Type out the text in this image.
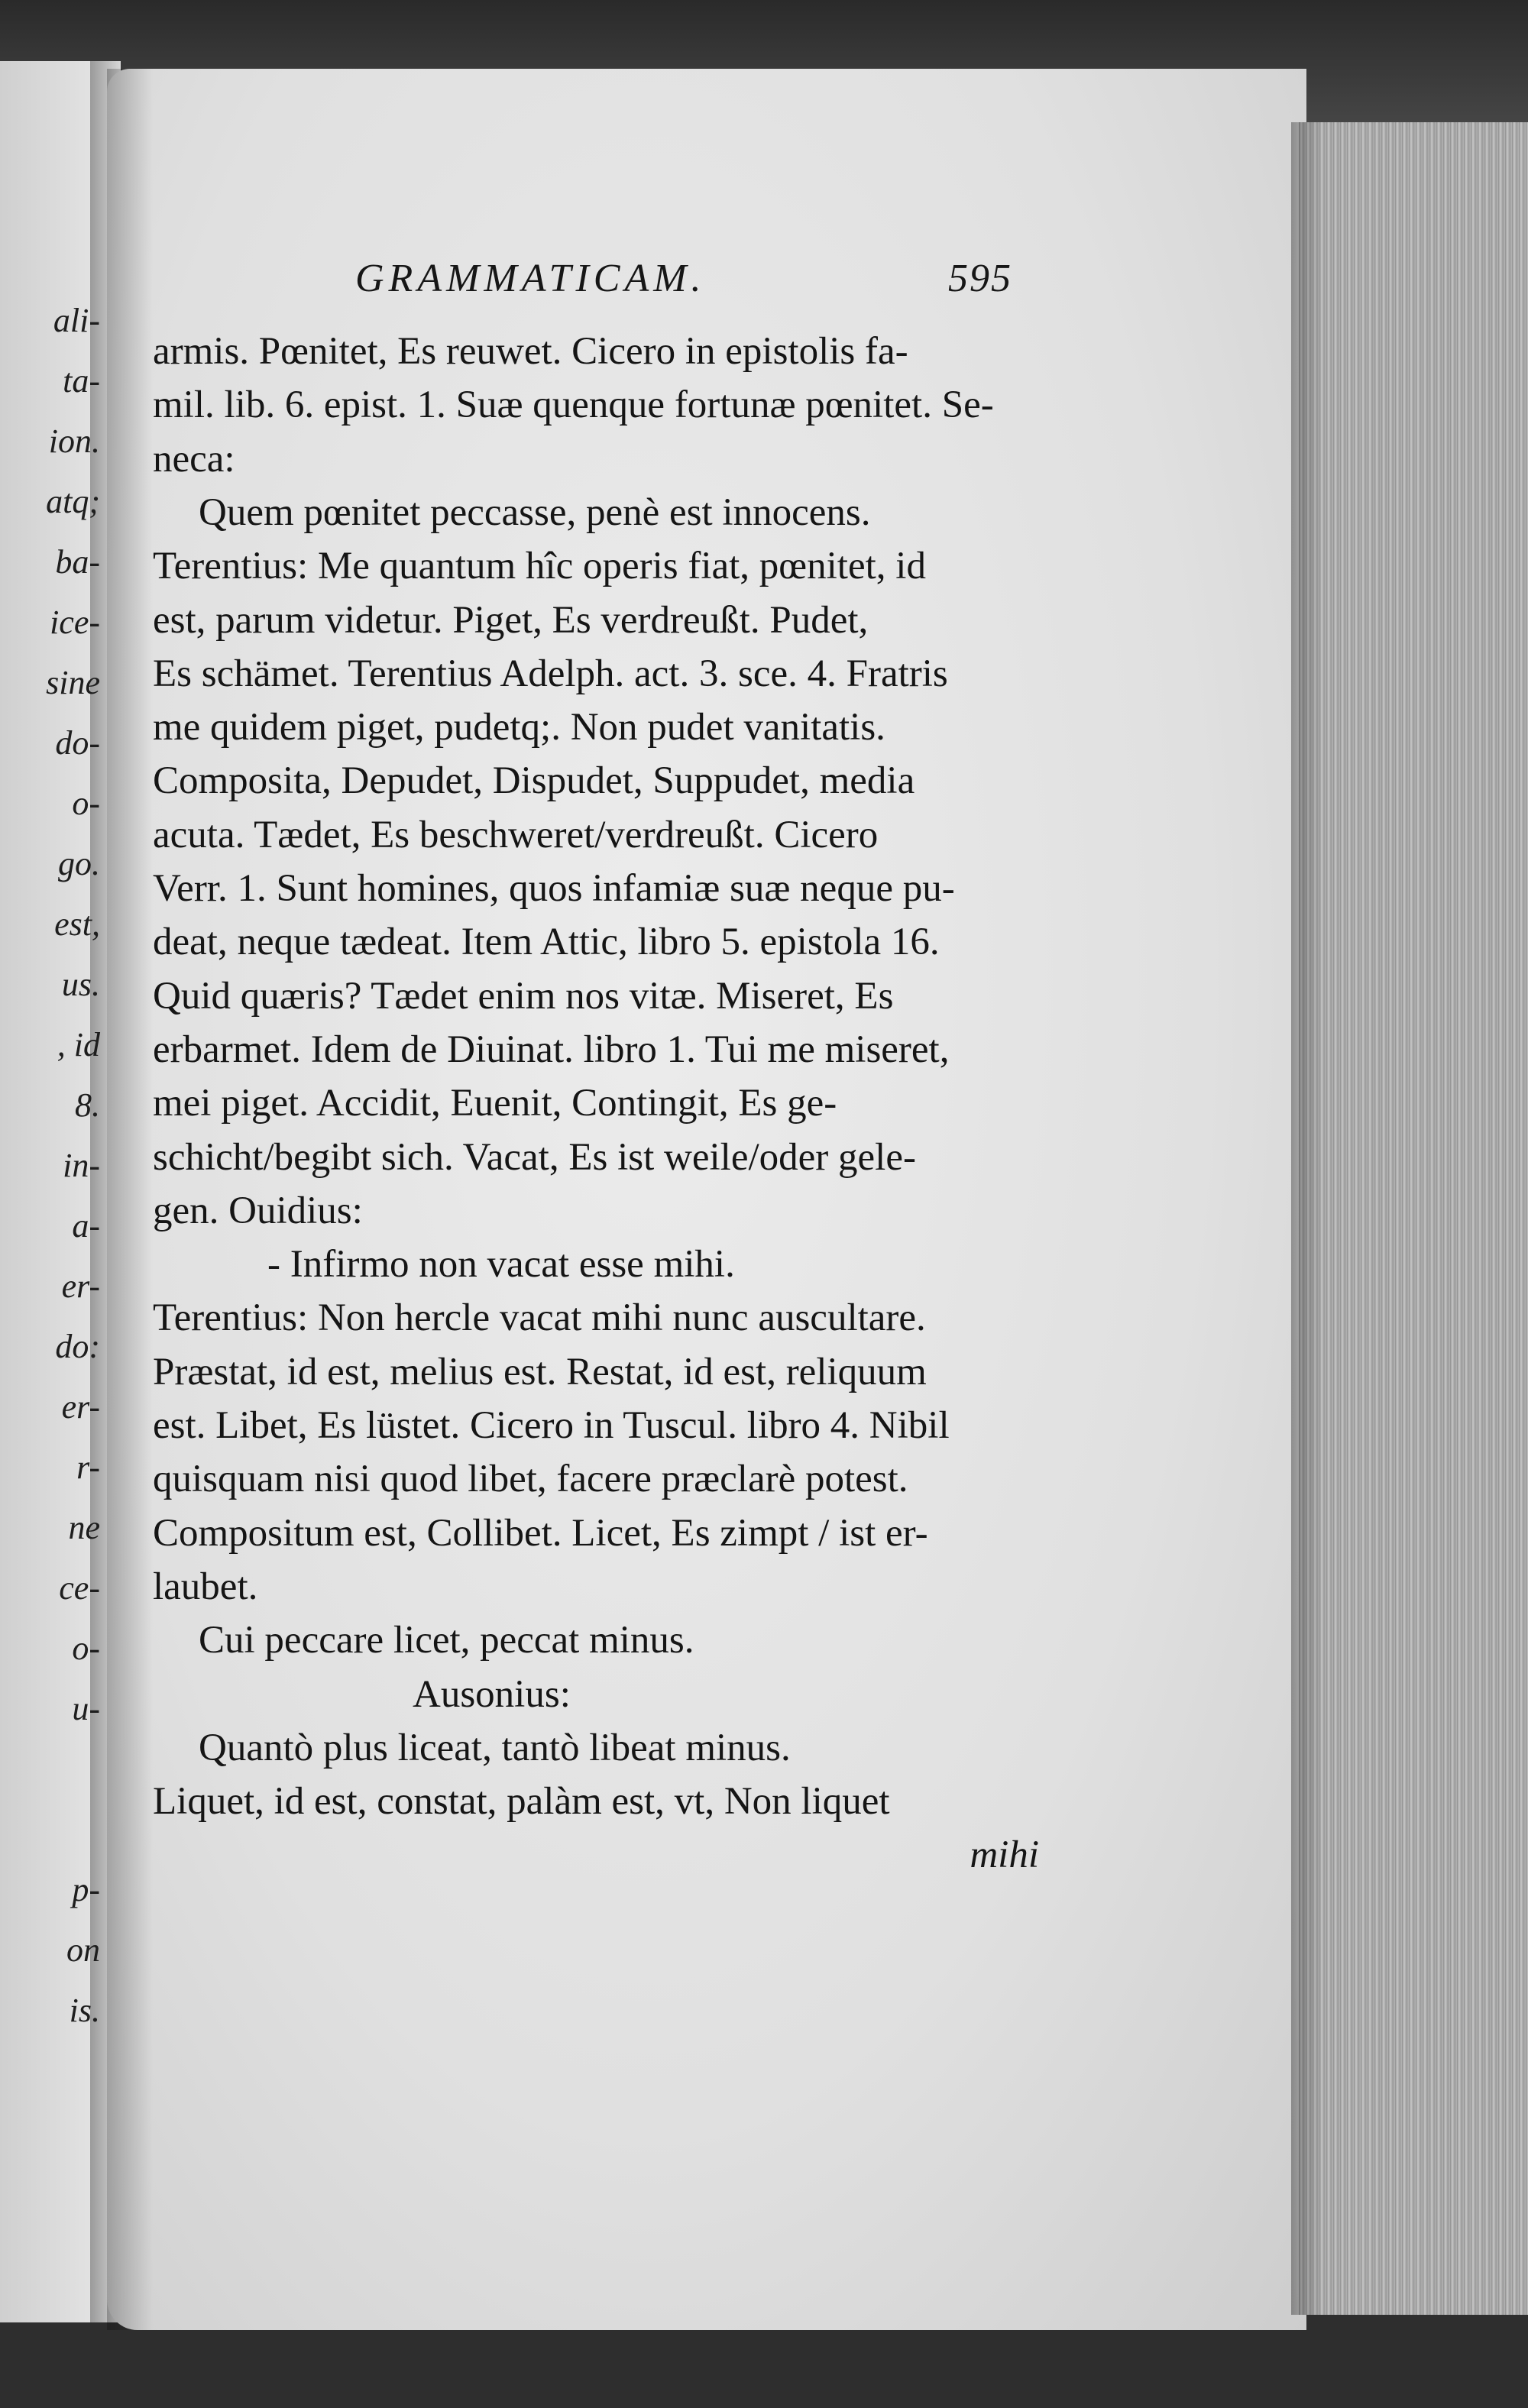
ali-
ta-
ion.
atq;
ba-
ice-
sine
do-
o-
go.
est,
us.
, id
8.
in-
a-
er-
do:
er-
r-
ne
ce-
o-
u-
p-
on
is.
GRAMMATICAM.	595
armis. Pœnitet, Es reuwet. Cicero in epistolis fa-
mil. lib. 6. epist. 1. Suæ quenque fortunæ pœnitet. Se-
neca:
Quem pœnitet peccasse, penè est innocens.
Terentius: Me quantum hîc operis fiat, pœnitet, id
est, parum videtur. Piget, Es verdreußt. Pudet,
Es schämet. Terentius Adelph. act. 3. sce. 4. Fratris
me quidem piget, pudetq;. Non pudet vanitatis.
Composita, Depudet, Dispudet, Suppudet, media
acuta. Tædet, Es beschweret/verdreußt. Cicero
Verr. 1. Sunt homines, quos infamiæ suæ neque pu-
deat, neque tædeat. Item Attic, libro 5. epistola 16.
Quid quæris? Tædet enim nos vitæ. Miseret, Es
erbarmet. Idem de Diuinat. libro 1. Tui me miseret,
mei piget. Accidit, Euenit, Contingit, Es ge-
schicht/begibt sich. Vacat, Es ist weile/oder gele-
gen. Ouidius:
- Infirmo non vacat esse mihi.
Terentius: Non hercle vacat mihi nunc auscultare.
Præstat, id est, melius est. Restat, id est, reliquum
est. Libet, Es lüstet. Cicero in Tuscul. libro 4. Nibil
quisquam nisi quod libet, facere præclarè potest.
Compositum est, Collibet. Licet, Es zimpt / ist er-
laubet.
Cui peccare licet, peccat minus.
Ausonius:
Quantò plus liceat, tantò libeat minus.
Liquet, id est, constat, palàm est, vt, Non liquet
mihi
